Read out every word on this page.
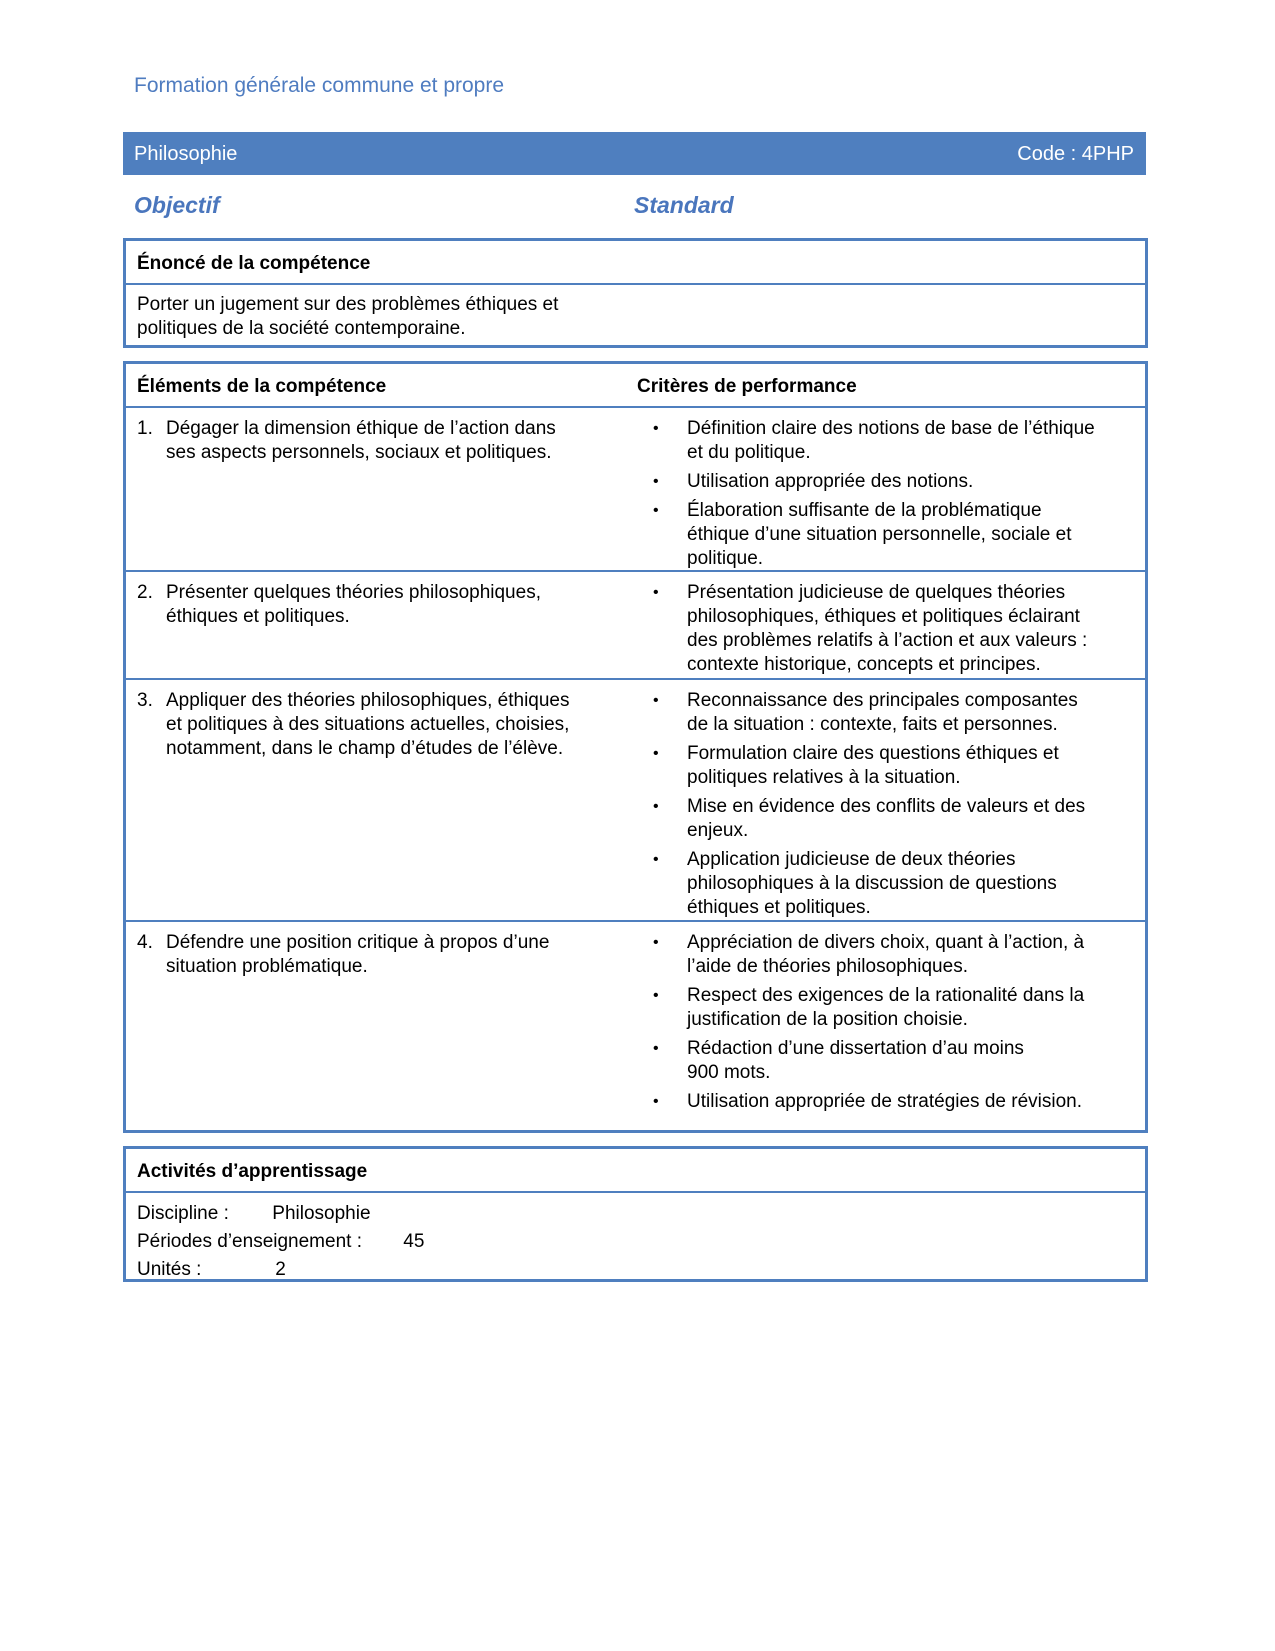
Formation générale commune et propre
Philosophie	Code : 4PHP
Objectif	Standard
Énoncé de la compétence
Porter un jugement sur des problèmes éthiques et
politiques de la société contemporaine.
Éléments de la compétence	Critères de performance
1. Dégager la dimension éthique de l’action dans
ses aspects personnels, sociaux et politiques.
• Définition claire des notions de base de l’éthique
et du politique.
• Utilisation appropriée des notions.
• Élaboration suffisante de la problématique
éthique d’une situation personnelle, sociale et
politique.
2. Présenter quelques théories philosophiques,
éthiques et politiques.
• Présentation judicieuse de quelques théories
philosophiques, éthiques et politiques éclairant
des problèmes relatifs à l’action et aux valeurs :
contexte historique, concepts et principes.
3. Appliquer des théories philosophiques, éthiques
et politiques à des situations actuelles, choisies,
notamment, dans le champ d’études de l’élève.
• Reconnaissance des principales composantes
de la situation : contexte, faits et personnes.
• Formulation claire des questions éthiques et
politiques relatives à la situation.
• Mise en évidence des conflits de valeurs et des
enjeux.
• Application judicieuse de deux théories
philosophiques à la discussion de questions
éthiques et politiques.
4. Défendre une position critique à propos d’une
situation problématique.
• Appréciation de divers choix, quant à l’action, à
l’aide de théories philosophiques.
• Respect des exigences de la rationalité dans la
justification de la position choisie.
• Rédaction d’une dissertation d’au moins
900 mots.
• Utilisation appropriée de stratégies de révision.
Activités d’apprentissage
Discipline : Philosophie
Périodes d’enseignement : 45
Unités :	2
